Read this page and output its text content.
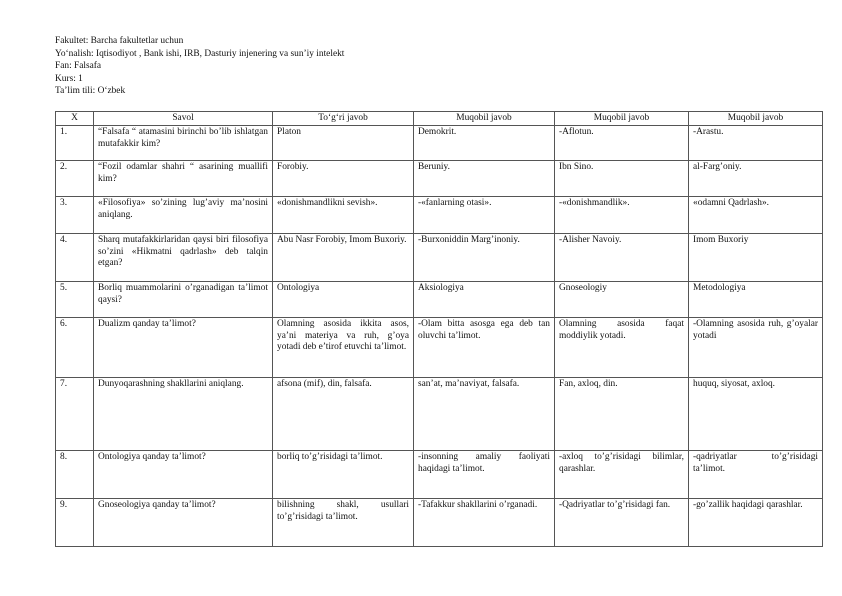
Fakultet: Barcha fakultetlar uchun
Yo‘nalish: Iqtisodiyot , Bank ishi, IRB, Dasturiy injenering va sun’iy intelekt
Fan: Falsafa
Kurs: 1
Ta’lim tili: O‘zbek
X	Savol	To‘g‘ri javob	Muqobil javob	Muqobil javob	Muqobil javob
1.	“Falsafa “ atamasini birinchi bo’lib ishlatgan mutafakkir kim?	Platon	Demokrit.	-Aflotun.	-Arastu.
2.	“Fozil odamlar shahri “ asarining muallifi kim?	Forobiy.	Beruniy.	Ibn Sino.	al-Farg’oniy.
3.	«Filosofiya» so’zining lug’aviy ma’nosini aniqlang.	«donishmandlikni sevish».	-«fanlarning otasi».	-«donishmandlik».	«odamni Qadrlash».
4.	Sharq mutafakkirlaridan qaysi biri filosofiya so’zini «Hikmatni qadrlash» deb talqin etgan?	Abu Nasr Forobiy, Imom Buxoriy.	-Burxoniddin Marg’inoniy.	-Alisher Navoiy.	Imom Buxoriy
5.	Borliq muammolarini o’rganadigan ta’limot qaysi?	Ontologiya	Aksiologiya	Gnoseologiy	Metodologiya
6.	Dualizm qanday ta’limot?	Olamning asosida ikkita asos, ya’ni materiya va ruh, g’oya yotadi deb e’tirof etuvchi ta’limot.	-Olam bitta asosga ega deb tan oluvchi ta’limot.	Olamning asosida faqat moddiylik yotadi.	-Olamning asosida ruh, g’oyalar yotadi
7.	Dunyoqarashning shakllarini aniqlang.	afsona (mif), din, falsafa.	san’at, ma’naviyat, falsafa.	Fan, axloq, din.	huquq, siyosat, axloq.
8.	Ontologiya qanday ta’limot?	borliq to’g’risidagi ta’limot.	-insonning amaliy faoliyati haqidagi ta’limot.	-axloq to’g’risidagi bilimlar, qarashlar.	-qadriyatlar to’g’risidagi ta’limot.
9.	Gnoseologiya qanday ta’limot?	bilishning shakl, usullari to’g’risidagi ta’limot.	-Tafakkur shakllarini o’rganadi.	-Qadriyatlar to’g’risidagi fan.	-go’zallik haqidagi qarashlar.
